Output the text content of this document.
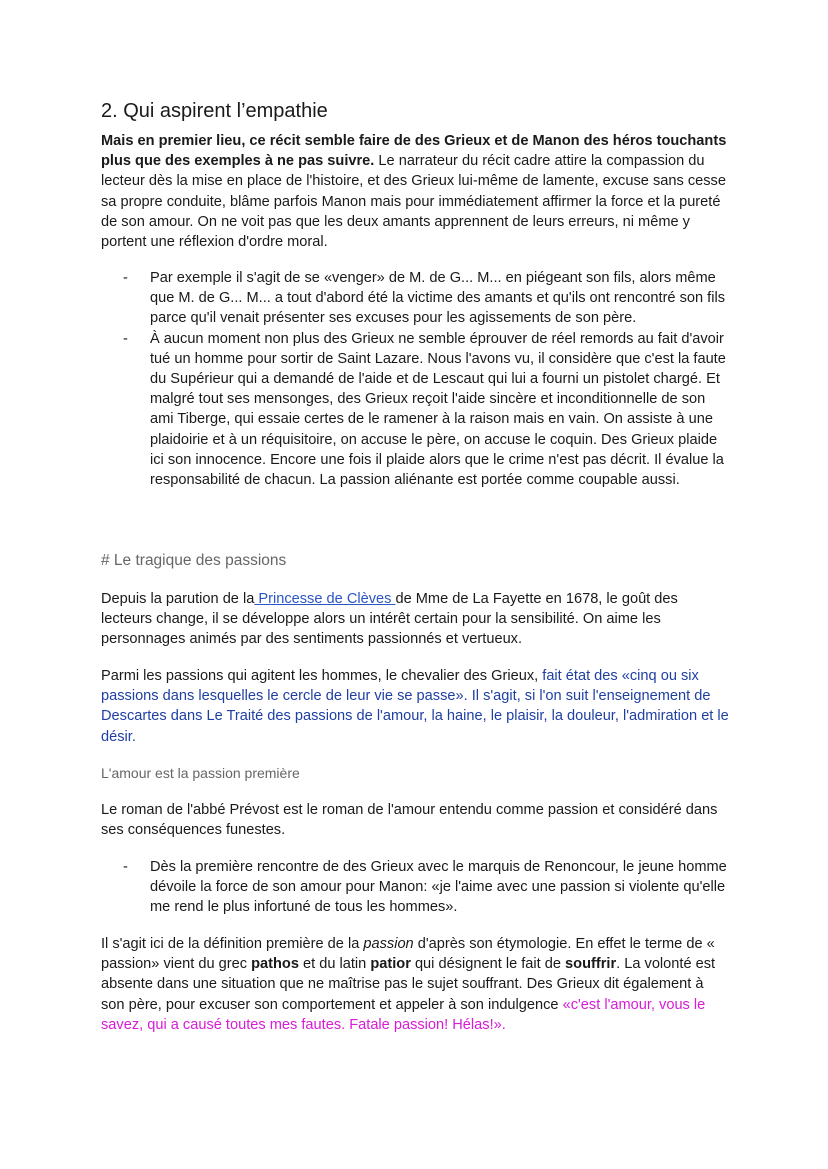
2. Qui aspirent l’empathie

Mais en premier lieu, ce récit semble faire de des Grieux et de Manon des héros touchants plus que des exemples à ne pas suivre. Le narrateur du récit cadre attire la compassion du lecteur dès la mise en place de l'histoire, et des Grieux lui-même de lamente, excuse sans cesse sa propre conduite, blâme parfois Manon mais pour immédiatement affirmer la force et la pureté de son amour. On ne voit pas que les deux amants apprennent de leurs erreurs, ni même y portent une réflexion d'ordre moral.

- Par exemple il s'agit de se «venger» de M. de G... M... en piégeant son fils, alors même que M. de G... M... a tout d'abord été la victime des amants et qu'ils ont rencontré son fils parce qu'il venait présenter ses excuses pour les agissements de son père.
- À aucun moment non plus des Grieux ne semble éprouver de réel remords au fait d'avoir tué un homme pour sortir de Saint Lazare. Nous l'avons vu, il considère que c'est la faute du Supérieur qui a demandé de l'aide et de Lescaut qui lui a fourni un pistolet chargé. Et malgré tout ses mensonges, des Grieux reçoit l'aide sincère et inconditionnelle de son ami Tiberge, qui essaie certes de le ramener à la raison mais en vain. On assiste à une plaidoirie et à un réquisitoire, on accuse le père, on accuse le coquin. Des Grieux plaide ici son innocence. Encore une fois il plaide alors que le crime n'est pas décrit. Il évalue la responsabilité de chacun. La passion aliénante est portée comme coupable aussi.

# Le tragique des passions

Depuis la parution de la Princesse de Clèves de Mme de La Fayette en 1678, le goût des lecteurs change, il se développe alors un intérêt certain pour la sensibilité. On aime les personnages animés par des sentiments passionnés et vertueux.

Parmi les passions qui agitent les hommes, le chevalier des Grieux, fait état des «cinq ou six passions dans lesquelles le cercle de leur vie se passe». Il s'agit, si l'on suit l'enseignement de Descartes dans Le Traité des passions de l'amour, la haine, le plaisir, la douleur, l'admiration et le désir.

L'amour est la passion première

Le roman de l'abbé Prévost est le roman de l'amour entendu comme passion et considéré dans ses conséquences funestes.

- Dès la première rencontre de des Grieux avec le marquis de Renoncour, le jeune homme dévoile la force de son amour pour Manon: «je l'aime avec une passion si violente qu'elle me rend le plus infortuné de tous les hommes».

Il s'agit ici de la définition première de la passion d'après son étymologie. En effet le terme de « passion» vient du grec pathos et du latin patior qui désignent le fait de souffrir. La volonté est absente dans une situation que ne maîtrise pas le sujet souffrant. Des Grieux dit également à son père, pour excuser son comportement et appeler à son indulgence «c'est l'amour, vous le savez, qui a causé toutes mes fautes. Fatale passion! Hélas!».
